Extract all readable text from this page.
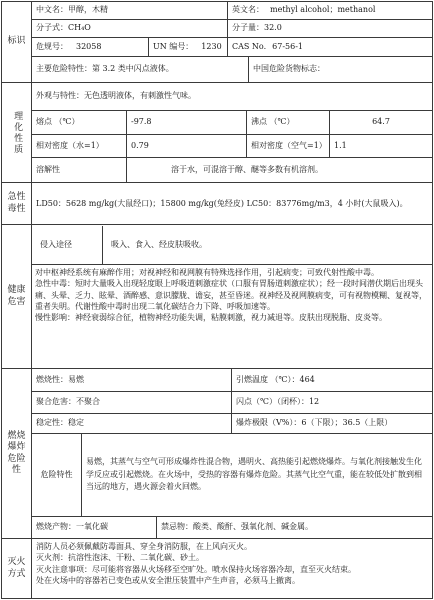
标识
中文名： 甲醇，木精	英文名： methyl alcohol；methanol
分子式： CH₄O	分子量： 32.0
危规号： 32058	UN 编号： 1230 CAS No. 67-56-1
主要危险特性： 第 3.2 类中闪点液体。	中国危险货物标志：
理化性质
外观与特性： 无色透明液体，有刺激性气味。
熔点 （℃）	-97.8	沸点 （℃）	64.7
相对密度（水=1）	0.79	相对密度（空气=1） 1.1
溶解性	溶于水，可混溶于醇、醚等多数有机溶剂。
急性毒性

LD50：5628 mg/kg(大鼠经口)；15800 mg/kg(兔经皮) LC50：83776mg/m3，4 小时(大鼠吸入)。

健康危害
侵入途径	吸入、食入、经皮肤吸收。

对中枢神经系统有麻醉作用；对视神经和视网膜有特殊选择作用，引起病变；可致代射性酸中毒。

急性中毒：短时大量吸入出现轻度眼上呼吸道刺激症状（口服有胃肠道刺激症状）；经一段时间潜伏期后出现头痛、头晕、乏力、眩晕、酒醉感、意识朦胧、谵妄，甚至昏迷。视神经及视网膜病变，可有视物模糊、复视等，重者失明。代谢性酸中毒时出现二氧化碳结合力下降、呼吸加速等。

慢性影响：神经衰弱综合征，植物神经功能失调，粘膜刺激，视力减退等。皮肤出现脱脂、皮炎等。

燃烧爆炸危险性
燃烧性： 易燃	引燃温度 （℃）： 464
聚合危害： 不聚合	闪点（℃）（闭杯）： 12
稳定性： 稳定	爆炸极限（V%）： 6（下限）；36.5（上限）
危险特性

易燃，其蒸气与空气可形成爆炸性混合物，遇明火、高热能引起燃烧爆炸。与氧化剂接触发生化学反应或引起燃烧。在火场中，受热的容器有爆炸危险。其蒸气比空气重，能在较低处扩散到相当远的地方，遇火源会着火回燃。

燃烧产物： 一氧化碳	禁忌物： 酸类、酸酐、强氧化剂、碱金属。
灭火方式

消防人员必须佩戴防毒面具、穿全身消防服，在上风向灭火。

灭火剂：抗溶性泡沫、干粉、二氧化碳、砂土。

灭火注意事项：尽可能将容器从火场移至空旷处。喷水保持火场容器冷却，直至灭火结束。

处在火场中的容器若已变色或从安全泄压装置中产生声音，必须马上撤离。
